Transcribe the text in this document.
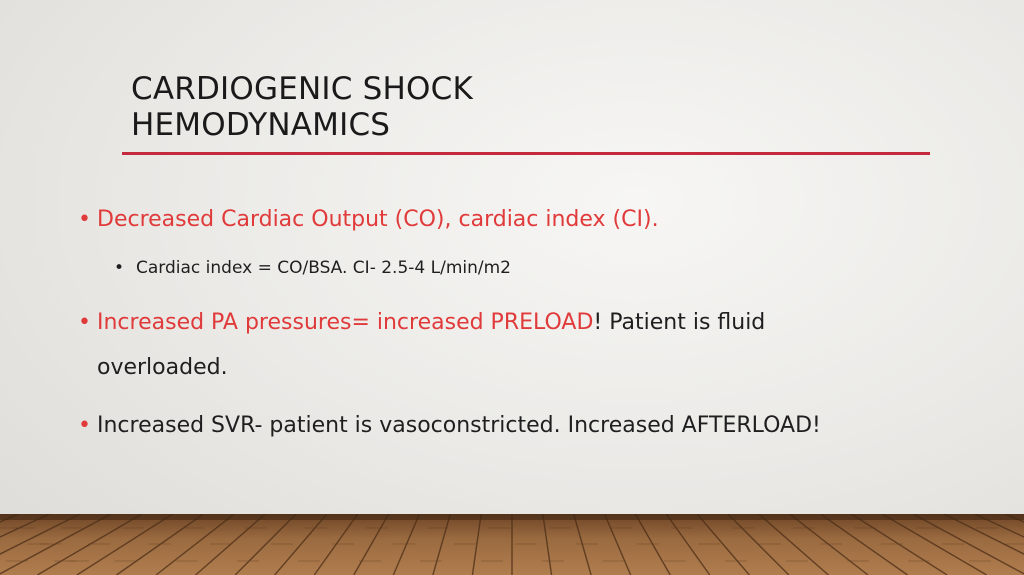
CARDIOGENIC SHOCK
HEMODYNAMICS
• Decreased Cardiac Output (CO), cardiac index (CI).
• Cardiac index = CO/BSA. CI- 2.5-4 L/min/m2
• Increased PA pressures= increased PRELOAD! Patient is fluid
overloaded.
• Increased SVR- patient is vasoconstricted. Increased AFTERLOAD!
